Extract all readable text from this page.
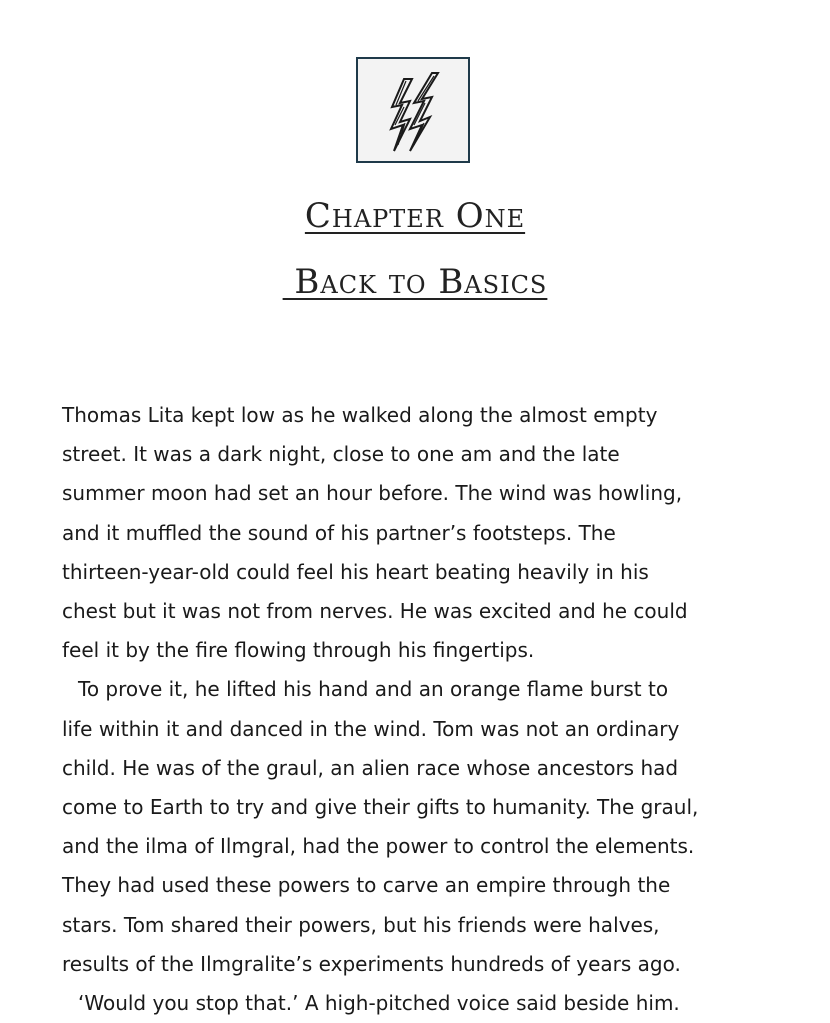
Chapter One
Back to Basics
Thomas Lita kept low as he walked along the almost empty
street. It was a dark night, close to one am and the late
summer moon had set an hour before. The wind was howling,
and it muffled the sound of his partner’s footsteps. The
thirteen-year-old could feel his heart beating heavily in his
chest but it was not from nerves. He was excited and he could
feel it by the fire flowing through his fingertips.
To prove it, he lifted his hand and an orange flame burst to
life within it and danced in the wind. Tom was not an ordinary
child. He was of the graul, an alien race whose ancestors had
come to Earth to try and give their gifts to humanity. The graul,
and the ilma of Ilmgral, had the power to control the elements.
They had used these powers to carve an empire through the
stars. Tom shared their powers, but his friends were halves,
results of the Ilmgralite’s experiments hundreds of years ago.
‘Would you stop that.’ A high-pitched voice said beside him.
